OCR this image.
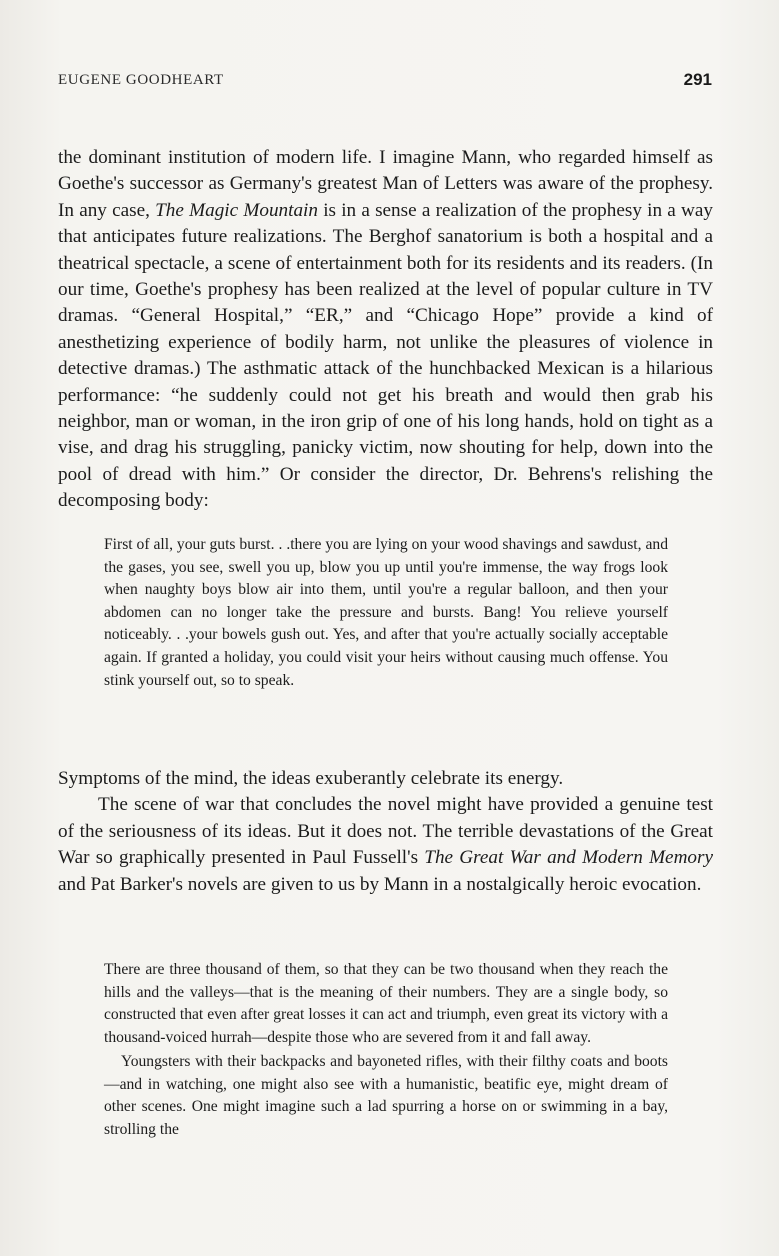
EUGENE GOODHEART	291

the dominant institution of modern life. I imagine Mann, who regarded himself as Goethe's successor as Germany's greatest Man of Letters was aware of the prophesy. In any case, The Magic Mountain is in a sense a realization of the prophesy in a way that anticipates future realizations. The Berghof sanatorium is both a hospital and a theatrical spectacle, a scene of entertainment both for its residents and its readers. (In our time, Goethe's prophesy has been realized at the level of popular culture in TV dramas. “General Hospital,” “ER,” and “Chicago Hope” provide a kind of anesthetizing experience of bodily harm, not unlike the pleasures of violence in detective dramas.) The asthmatic attack of the hunchbacked Mexican is a hilarious performance: “he suddenly could not get his breath and would then grab his neighbor, man or woman, in the iron grip of one of his long hands, hold on tight as a vise, and drag his struggling, panicky victim, now shouting for help, down into the pool of dread with him.” Or consider the director, Dr. Behrens's relishing the decomposing body:

First of all, your guts burst. . .there you are lying on your wood shavings and sawdust, and the gases, you see, swell you up, blow you up until you're immense, the way frogs look when naughty boys blow air into them, until you're a regular balloon, and then your abdomen can no longer take the pressure and bursts. Bang! You relieve yourself noticeably. . .your bowels gush out. Yes, and after that you're actually socially acceptable again. If granted a holiday, you could visit your heirs without causing much offense. You stink yourself out, so to speak.

Symptoms of the mind, the ideas exuberantly celebrate its energy.
The scene of war that concludes the novel might have provided a genuine test of the seriousness of its ideas. But it does not. The terrible devastations of the Great War so graphically presented in Paul Fussell's The Great War and Modern Memory and Pat Barker's novels are given to us by Mann in a nostalgically heroic evocation.

There are three thousand of them, so that they can be two thousand when they reach the hills and the valleys—that is the meaning of their numbers. They are a single body, so constructed that even after great losses it can act and triumph, even great its victory with a thousand-voiced hurrah—despite those who are severed from it and fall away.

Youngsters with their backpacks and bayoneted rifles, with their filthy coats and boots—and in watching, one might also see with a humanistic, beatific eye, might dream of other scenes. One might imagine such a lad spurring a horse on or swimming in a bay, strolling the
